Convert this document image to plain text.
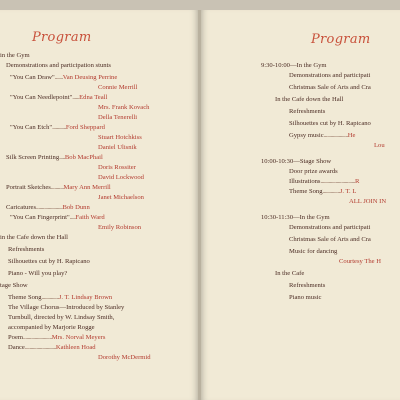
Program
in the Gym
Demonstrations and participation stunts
"You Can Draw".......Van Deusing Perrine
Connie Merrill
"You Can Needlepoint"......Edna Teall
Mrs. Frank Kovach
Della Tenerelli
"You Can Etch"............Ford Sheppard
Stuart Hotchkiss
Daniel Ulisnik
Silk Screen Printing.....Bob MacPhail
Doris Rossiter
David Lockwood
Portrait Sketches...........Mary Ann Merrill
Janet Michaelson
Caricatures.......................Bob Dunn
"You Can Fingerprint".....Faith Ward
Emily Robinson
in the Cafe down the Hall
Refreshments
Silhouettes cut by H. Rapicano
Piano - Will you play?
tage Show
Theme Song...............J. T. Lindsay Brown
The Village Chorus—Introduced by Stanley
Turnbull, directed by W. Lindsay Smith,
accompanied by Marjorie Rogge
Poem.........................Mrs. Norval Meyers
Dance...........................Kathleen Hoad
Dorothy McDermid
Program
9:30-10:00—In the Gym
Demonstrations and participati
Christmas Sale of Arts and Cra
In the Cafe down the Hall
Refreshments
Silhouettes cut by H. Rapicano
Gypsy music.....................He
Lou
10:00-10:30—Stage Show
Door prize awards
Illustrations..............................R
Theme Song...............J. T. L
ALL JOIN IN
10:30-11:30—In the Gym
Demonstrations and participati
Christmas Sale of Arts and Cra
Music for dancing
Courtesy The H
In the Cafe
Refreshments
Piano music
